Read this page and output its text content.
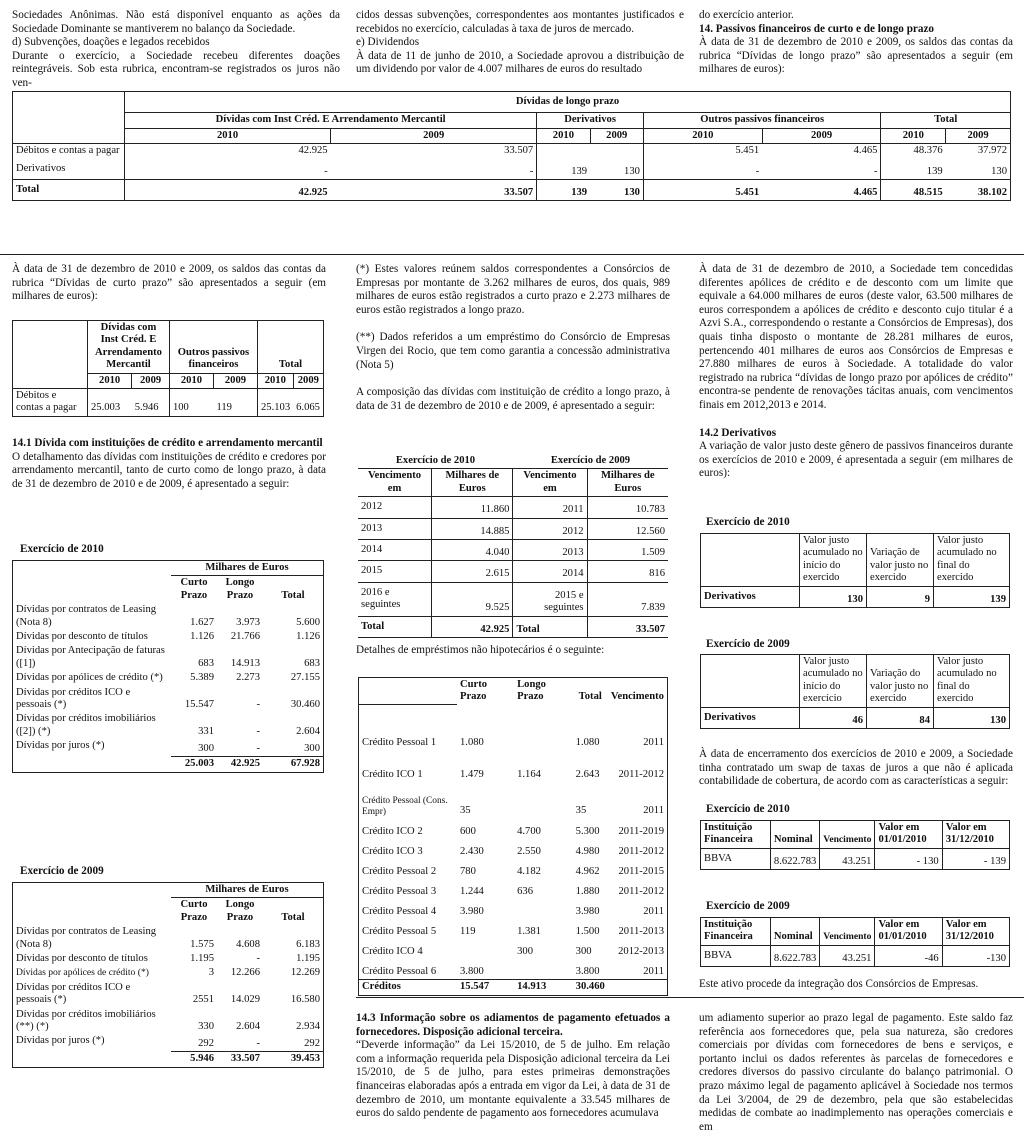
Sociedades Anônimas. Não está disponível enquanto as ações da Sociedade Dominante se mantiverem no balanço da Sociedade.

d) Subvenções, doações e legados recebidos

Durante o exercício, a Sociedade recebeu diferentes doações reintegráveis. Sob esta rubrica, encontram-se registrados os juros não ven-

cidos dessas subvenções, correspondentes aos montantes justificados e recebidos no exercício, calculadas à taxa de juros de mercado.

e) Dividendos

À data de 11 de junho de 2010, a Sociedade aprovou a distribuição de um dividendo por valor de 4.007 milhares de euros do resultado

do exercício anterior.

14. Passivos financeiros de curto e de longo prazo

À data de 31 de dezembro de 2010 e 2009, os saldos das contas da rubrica “Dívidas de longo prazo” são apresentados a seguir (em milhares de euros):

	Dívidas de longo prazo							
	Dívidas com Inst Créd. E Arrendamento Mercantil		Derivativos		Outros passivos financeiros		Total	
	2010	2009	2010	2009	2010	2009	2010	2009
Débitos e contas a pagar	42.925	33.507			5.451	4.465	48.376	37.972
Derivativos	-	-	139	130	-	-	139	130
Total	42.925	33.507	139	130	5.451	4.465	48.515	38.102

À data de 31 de dezembro de 2010 e 2009, os saldos das contas da rubrica “Dívidas de curto prazo” são apresentados a seguir (em milhares de euros):

	Dívidas com Inst Créd. E Arrendamento Mercantil		Outros passivos financeiros		Total	
	2010	2009	2010	2009	2010	2009
Débitos e contas a pagar	25.003	5.946	100	119	25.103	6.065

14.1 Dívida com instituições de crédito e arrendamento mercantil

O detalhamento das dívidas com instituições de crédito e credores por arrendamento mercantil, tanto de curto como de longo prazo, à data de 31 de dezembro de 2010 e de 2009, é apresentado a seguir:

Exercício de 2010
	Milhares de Euros		
	Curto Prazo	Longo Prazo	Total
Dívidas por contratos de Leasing (Nota 8)	1.627	3.973	5.600
Dívidas por desconto de títulos	1.126	21.766	1.126
Dívidas por Antecipação de faturas ([1])	683	14.913	683
Dívidas por apólices de crédito (*)	5.389	2.273	27.155
Dívidas por créditos ICO e pessoais (*)	15.547	-	30.460
Dívidas por créditos imobiliários ([2]) (*)	331	-	2.604
Dívidas por juros (*)	300	-	300
	25.003	42.925	67.928
Exercício de 2009
	Milhares de Euros		
	Curto Prazo	Longo Prazo	Total
Dívidas por contratos de Leasing (Nota 8)	1.575	4.608	6.183
Dívidas por desconto de títulos	1.195	-	1.195
Dívidas por apólices de crédito (*)	3	12.266	12.269
Dívidas por créditos ICO e pessoais (*)	2551	14.029	16.580
Dívidas por créditos imobiliários (**) (*)	330	2.604	2.934
Dívidas por juros (*)	292	-	292
	5.946	33.507	39.453

(*) Estes valores reúnem saldos correspondentes a Consórcios de Empresas por montante de 3.262 milhares de euros, dos quais, 989 milhares de euros estão registrados a curto prazo e 2.273 milhares de euros estão registrados a longo prazo.

(**) Dados referidos a um empréstimo do Consórcio de Empresas Virgen dei Rocio, que tem como garantia a concessão administrativa (Nota 5)

A composição das dívidas com instituição de crédito a longo prazo, à data de 31 de dezembro de 2010 e de 2009, é apresentado a seguir:

Exercício de 2010		Exercício de 2009	
Vencimento em	Milhares de Euros	Vencimento em	Milhares de Euros
2012	11.860	2011	10.783
2013	14.885	2012	12.560
2014	4.040	2013	1.509
2015	2.615	2014	816
2016 e seguintes	9.525	2015 e seguintes	7.839
Total	42.925	Total	33.507
Detalhes de empréstimos não hipotecários é o seguinte:
	Curto Prazo	Longo Prazo	Total	Vencimento
Crédito Pessoal 1	1.080		1.080	2011
Crédito ICO 1	1.479	1.164	2.643	2011-2012
Crédito Pessoal (Cons. Empr)	35		35	2011
Crédito ICO 2	600	4.700	5.300	2011-2019
Crédito ICO 3	2.430	2.550	4.980	2011-2012
Crédito Pessoal 2	780	4.182	4.962	2011-2015
Crédito Pessoal 3	1.244	636	1.880	2011-2012
Crédito Pessoal 4	3.980		3.980	2011
Crédito Pessoal 5	119	1.381	1.500	2011-2013
Crédito ICO 4		300	300	2012-2013
Crédito Pessoal 6	3.800		3.800	2011
Créditos	15.547	14.913	30.460	

À data de 31 de dezembro de 2010, a Sociedade tem concedidas diferentes apólices de crédito e de desconto com um limite que equivale a 64.000 milhares de euros (deste valor, 63.500 milhares de euros correspondem a apólices de crédito e desconto cujo titular é a Azvi S.A., correspondendo o restante a Consórcios de Empresas), dos quais tinha disposto o montante de 28.281 milhares de euros, pertencendo 401 milhares de euros aos Consórcios de Empresas e 27.880 milhares de euros à Sociedade. A totalidade do valor registrado na rubrica “dívidas de longo prazo por apólices de crédito” encontra-se pendente de renovações tácitas anuais, com vencimentos finais em 2012,2013 e 2014.

14.2 Derivativos

A variação de valor justo deste gênero de passivos financeiros durante os exercícios de 2010 e 2009, é apresentada a seguir (em milhares de euros):

Exercício de 2010
	Valor justo acumulado no início do exercido	Variação de valor justo no exercido	Valor justo acumulado no final do exercido
Derivativos	130	9	139
Exercício de 2009
	Valor justo acumulado no início do exercício	Variação do valor justo no exercido	Valor justo acumulado no final do exercido
Derivativos	46	84	130

À data de encerramento dos exercícios de 2010 e 2009, a Sociedade tinha contratado um swap de taxas de juros a que não é aplicada contabilidade de cobertura, de acordo com as características a seguir:

Exercício de 2010
Instituição Financeira	Nominal	Vencimento	Valor em 01/01/2010	Valor em 31/12/2010
BBVA	8.622.783	43.251	- 130	- 139
Exercício de 2009
Instituição Financeira	Nominal	Vencimento	Valor em 01/01/2010	Valor em 31/12/2010
BBVA	8.622.783	43.251	-46	-130
Este ativo procede da integração dos Consórcios de Empresas.

14.3 Informação sobre os adiamentos de pagamento efetuados a fornecedores. Disposição adicional terceira.

“Deverde informação” da Lei 15/2010, de 5 de julho. Em relação com a informação requerida pela Disposição adicional terceira da Lei 15/2010, de 5 de julho, para estes primeiras demonstrações financeiras elaboradas após a entrada em vigor da Lei, à data de 31 de dezembro de 2010, um montante equivalente a 33.545 milhares de euros do saldo pendente de pagamento aos fornecedores acumulava

um adiamento superior ao prazo legal de pagamento. Este saldo faz referência aos fornecedores que, pela sua natureza, são credores comerciais por dívidas com fornecedores de bens e serviços, e portanto inclui os dados referentes às parcelas de fornecedores e credores diversos do passivo circulante do balanço patrimonial. O prazo máximo legal de pagamento aplicável à Sociedade nos termos da Lei 3/2004, de 29 de dezembro, pela que são estabelecidas medidas de combate ao inadimplemento nas operações comerciais e em
